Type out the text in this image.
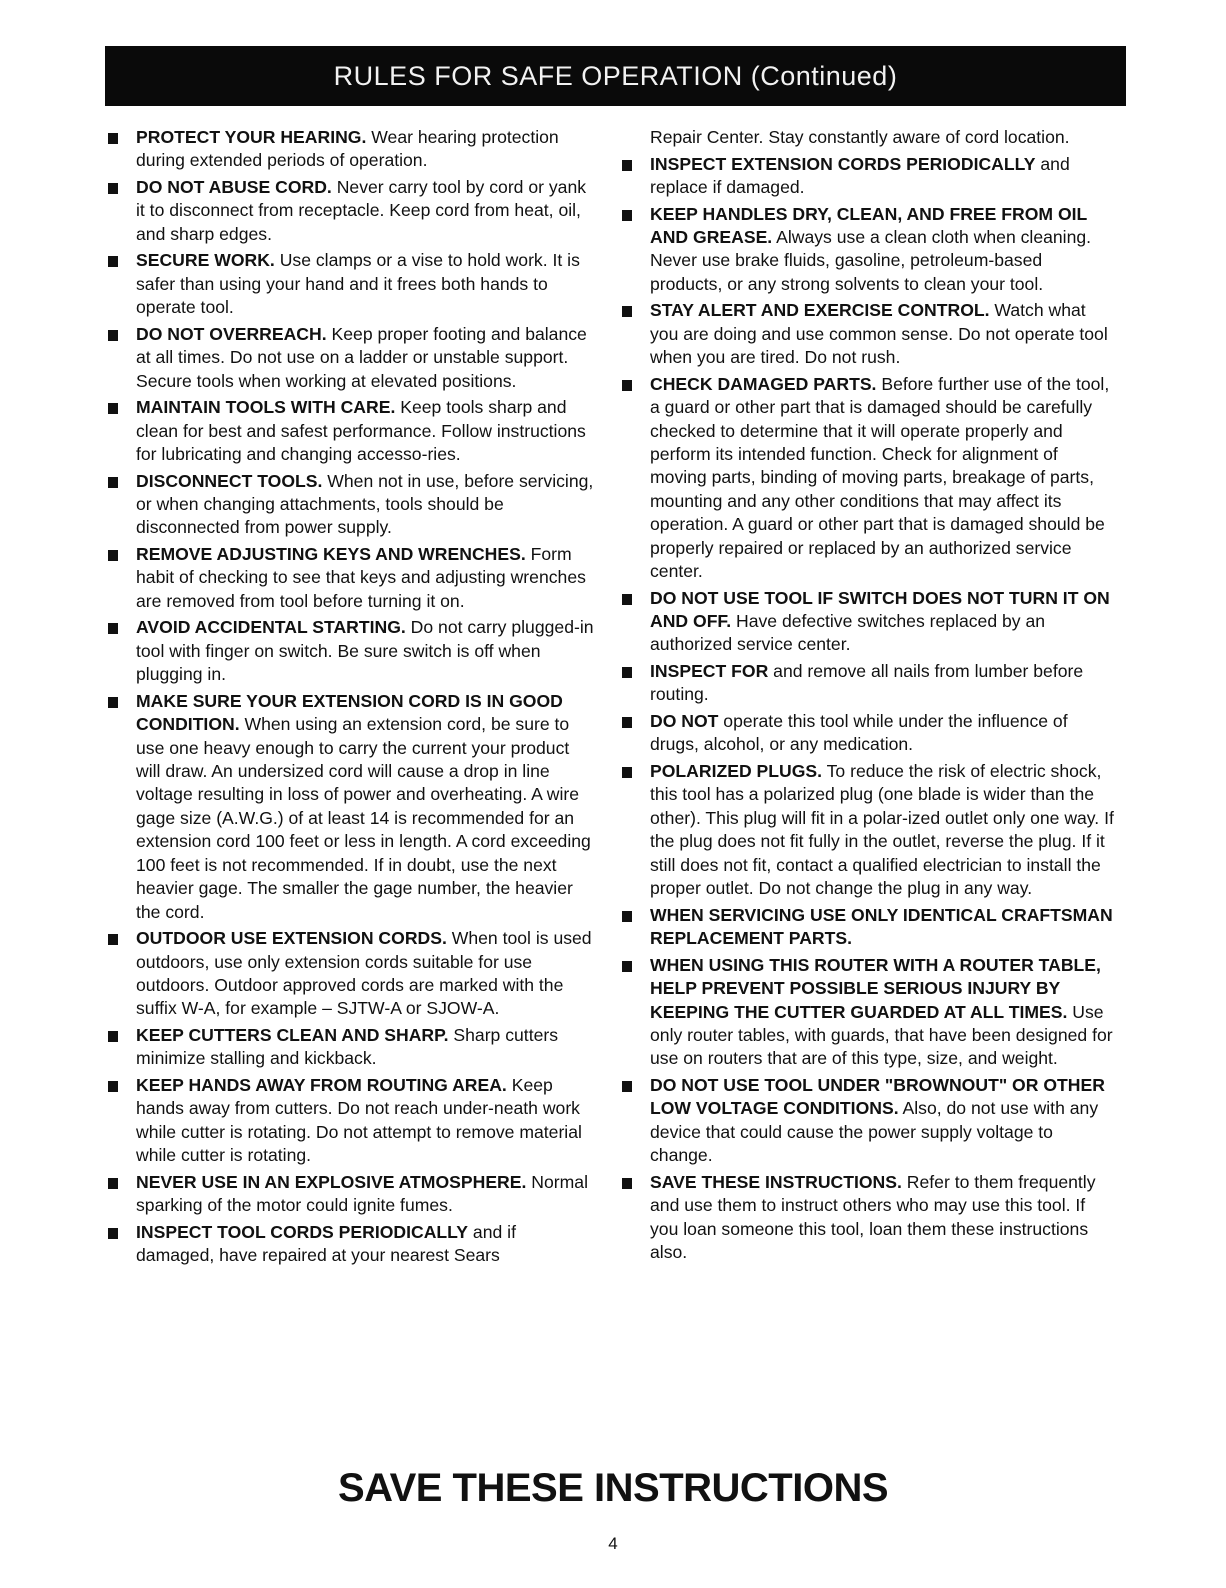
RULES FOR SAFE OPERATION (Continued)
PROTECT YOUR HEARING. Wear hearing protection during extended periods of operation.
DO NOT ABUSE CORD. Never carry tool by cord or yank it to disconnect from receptacle. Keep cord from heat, oil, and sharp edges.
SECURE WORK. Use clamps or a vise to hold work. It is safer than using your hand and it frees both hands to operate tool.
DO NOT OVERREACH. Keep proper footing and balance at all times. Do not use on a ladder or unstable support. Secure tools when working at elevated positions.
MAINTAIN TOOLS WITH CARE. Keep tools sharp and clean for best and safest performance. Follow instructions for lubricating and changing accesso-ries.
DISCONNECT TOOLS. When not in use, before servicing, or when changing attachments, tools should be disconnected from power supply.
REMOVE ADJUSTING KEYS AND WRENCHES. Form habit of checking to see that keys and adjusting wrenches are removed from tool before turning it on.
AVOID ACCIDENTAL STARTING. Do not carry plugged-in tool with finger on switch. Be sure switch is off when plugging in.
MAKE SURE YOUR EXTENSION CORD IS IN GOOD CONDITION. When using an extension cord, be sure to use one heavy enough to carry the current your product will draw. An undersized cord will cause a drop in line voltage resulting in loss of power and overheating. A wire gage size (A.W.G.) of at least 14 is recommended for an extension cord 100 feet or less in length. A cord exceeding 100 feet is not recommended. If in doubt, use the next heavier gage. The smaller the gage number, the heavier the cord.
OUTDOOR USE EXTENSION CORDS. When tool is used outdoors, use only extension cords suitable for use outdoors. Outdoor approved cords are marked with the suffix W-A, for example – SJTW-A or SJOW-A.
KEEP CUTTERS CLEAN AND SHARP. Sharp cutters minimize stalling and kickback.
KEEP HANDS AWAY FROM ROUTING AREA. Keep hands away from cutters. Do not reach under-neath work while cutter is rotating. Do not attempt to remove material while cutter is rotating.
NEVER USE IN AN EXPLOSIVE ATMOSPHERE. Normal sparking of the motor could ignite fumes.
INSPECT TOOL CORDS PERIODICALLY and if damaged, have repaired at your nearest Sears
Repair Center. Stay constantly aware of cord location.
INSPECT EXTENSION CORDS PERIODICALLY and replace if damaged.
KEEP HANDLES DRY, CLEAN, AND FREE FROM OIL AND GREASE. Always use a clean cloth when cleaning. Never use brake fluids, gasoline, petroleum-based products, or any strong solvents to clean your tool.
STAY ALERT AND EXERCISE CONTROL. Watch what you are doing and use common sense. Do not operate tool when you are tired. Do not rush.
CHECK DAMAGED PARTS. Before further use of the tool, a guard or other part that is damaged should be carefully checked to determine that it will operate properly and perform its intended function. Check for alignment of moving parts, binding of moving parts, breakage of parts, mounting and any other conditions that may affect its operation. A guard or other part that is damaged should be properly repaired or replaced by an authorized service center.
DO NOT USE TOOL IF SWITCH DOES NOT TURN IT ON AND OFF. Have defective switches replaced by an authorized service center.
INSPECT FOR and remove all nails from lumber before routing.
DO NOT operate this tool while under the influence of drugs, alcohol, or any medication.
POLARIZED PLUGS. To reduce the risk of electric shock, this tool has a polarized plug (one blade is wider than the other). This plug will fit in a polar-ized outlet only one way. If the plug does not fit fully in the outlet, reverse the plug. If it still does not fit, contact a qualified electrician to install the proper outlet. Do not change the plug in any way.
WHEN SERVICING USE ONLY IDENTICAL CRAFTSMAN REPLACEMENT PARTS.
WHEN USING THIS ROUTER WITH A ROUTER TABLE, HELP PREVENT POSSIBLE SERIOUS INJURY BY KEEPING THE CUTTER GUARDED AT ALL TIMES. Use only router tables, with guards, that have been designed for use on routers that are of this type, size, and weight.
DO NOT USE TOOL UNDER "BROWNOUT" OR OTHER LOW VOLTAGE CONDITIONS. Also, do not use with any device that could cause the power supply voltage to change.
SAVE THESE INSTRUCTIONS. Refer to them frequently and use them to instruct others who may use this tool. If you loan someone this tool, loan them these instructions also.
SAVE THESE INSTRUCTIONS
4
